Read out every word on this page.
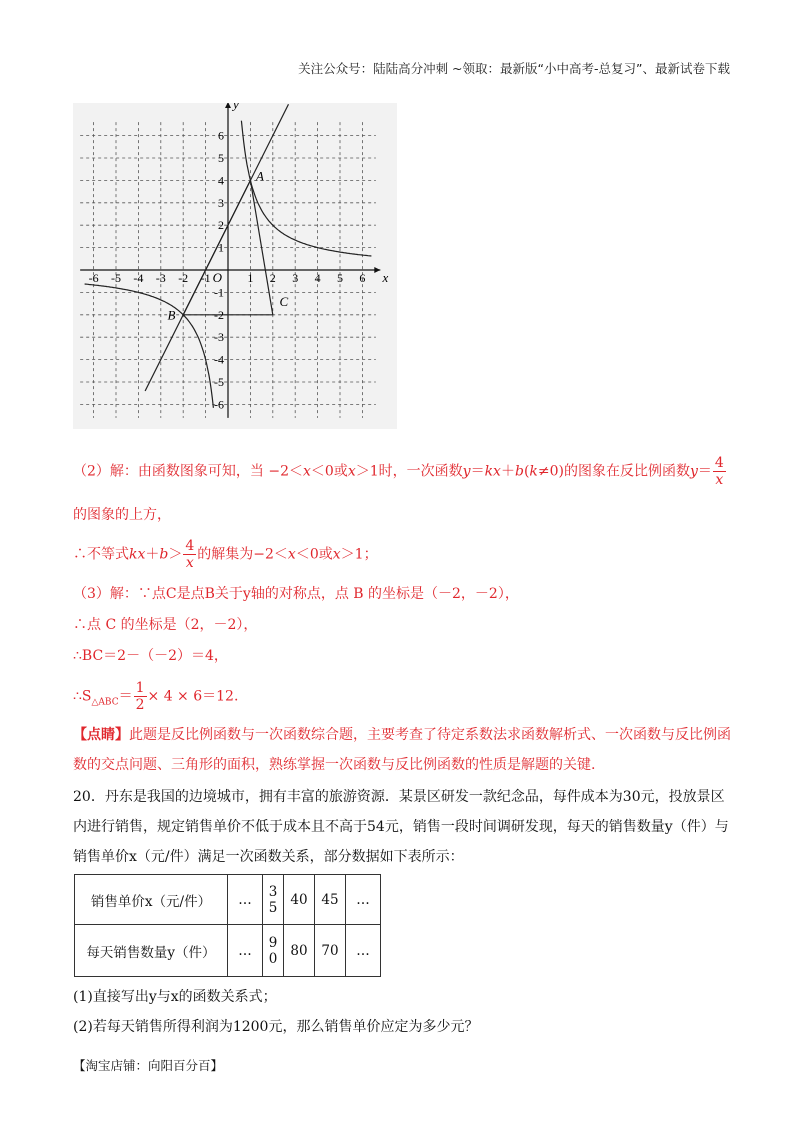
关注公众号：陆陆高分冲刺 ~领取：最新版“小中高考-总复习”、最新试卷下载
-6 -5 -4 -3 -2 -1	1 2 3 4 5 6
1
2
3
4
5
6
-1
-2
-3
-4
-5
-6
O	x
y
A
B
C
（2）解：由函数图象可知，当 −2＜x＜0或x＞1时，一次函数y＝kx＋b(k≠0)的图象在反比例函数$y= \frac{4}{x}$
的图象的上方，
∴不等式$kx+b> \frac{4}{x}$ 的解集为−2＜x＜0或x＞1；
（3）解：∵点C是点B关于y轴的对称点，点 B 的坐标是（－2，－2），
∴点 C 的坐标是（2，－2），
∴BC＝2－（－2）＝4，
$\therefore S_{\triangle ABC}= \frac{1}{2} \times 4 \times 6=12$.
【点睛】此题是反比例函数与一次函数综合题，主要考查了待定系数法求函数解析式、一次函数与反比例函数的交点问题、三角形的面积，熟练掌握一次函数与反比例函数的性质是解题的关键.
20．丹东是我国的边境城市，拥有丰富的旅游资源．某景区研发一款纪念品，每件成本为30元，投放景区内进行销售，规定销售单价不低于成本且不高于54元，销售一段时间调研发现，每天的销售数量y（件）与销售单价x（元/件）满足一次函数关系，部分数据如下表所示：
销售单价x（元/件）	…	35	40	45	…
每天销售数量y（件）	…	90	80	70	…
(1)直接写出y与x的函数关系式；
(2)若每天销售所得利润为1200元，那么销售单价应定为多少元？
【淘宝店铺：向阳百分百】
